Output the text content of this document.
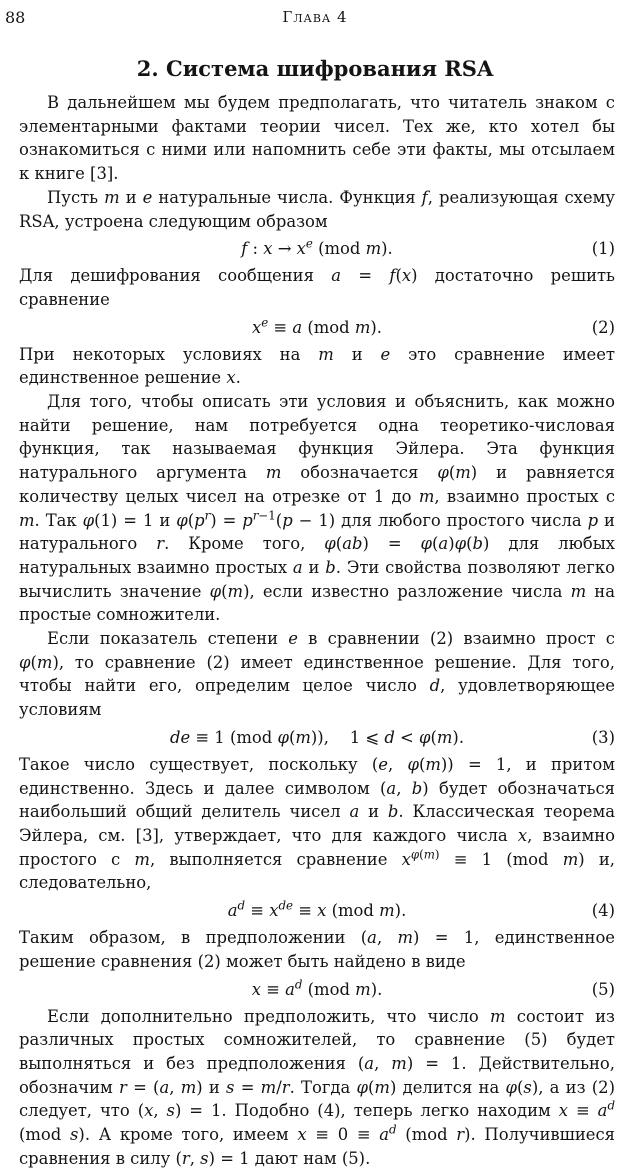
88	Глава 4
2. Система шифрования RSA

В дальнейшем мы будем предполагать, что читатель знаком с элементарными фактами теории чисел. Тех же, кто хотел бы ознакомиться с ними или напомнить себе эти факты, мы отсылаем к книге [3].

Пусть m и e натуральные числа. Функция f, реализующая схему RSA, устроена следующим образом

f : $x \to x^e$ (mod m).	(1)

Для дешифрования сообщения a = f(x) достаточно решить сравнение

$x^e \equiv a$ (mod m).	(2)

При некоторых условиях на m и e это сравнение имеет единственное решение x.

Для того, чтобы описать эти условия и объяснить, как можно найти решение, нам потребуется одна теоретико-числовая функция, так называемая функция Эйлера. Эта функция натурального аргумента m обозначается φ(m) и равняется количеству целых чисел на отрезке от 1 до m, взаимно простых с m. Так φ(1) = 1 и $\varphi(p^r) = p^{r-1}(p - 1)$ для любого простого числа p и натурального r. Кроме того, φ(ab) = φ(a)φ(b) для любых натуральных взаимно простых a и b. Эти свойства позволяют легко вычислить значение φ(m), если известно разложение числа m на простые сомножители.

Если показатель степени e в сравнении (2) взаимно прост с φ(m), то сравнение (2) имеет единственное решение. Для того, чтобы найти его, определим целое число d, удовлетворяющее условиям

de ≡ 1 (mod φ(m)),    1 ⩽ d < φ(m).	(3)

Такое число существует, поскольку (e, φ(m)) = 1, и притом единственно. Здесь и далее символом (a, b) будет обозначаться наибольший общий делитель чисел a и b. Классическая теорема Эйлера, см. [3], утверждает, что для каждого числа x, взаимно простого с m, выполняется сравнение $x^{\varphi(m)} \equiv 1$ (mod m) и, следовательно,

$a^d \equiv x^{de} \equiv x$ (mod m).	(4)

Таким образом, в предположении (a, m) = 1, единственное решение сравнения (2) может быть найдено в виде

$x \equiv a^d$ (mod m).	(5)

Если дополнительно предположить, что число m состоит из различных простых сомножителей, то сравнение (5) будет выполняться и без предположения (a, m) = 1. Действительно, обозначим r = (a, m) и s = m/r. Тогда φ(m) делится на φ(s), а из (2) следует, что (x, s) = 1. Подобно (4), теперь легко находим $x \equiv a^d$ (mod s). А кроме того, имеем $x \equiv 0 \equiv a^d$ (mod r). Получившиеся сравнения в силу (r, s) = 1 дают нам (5).
